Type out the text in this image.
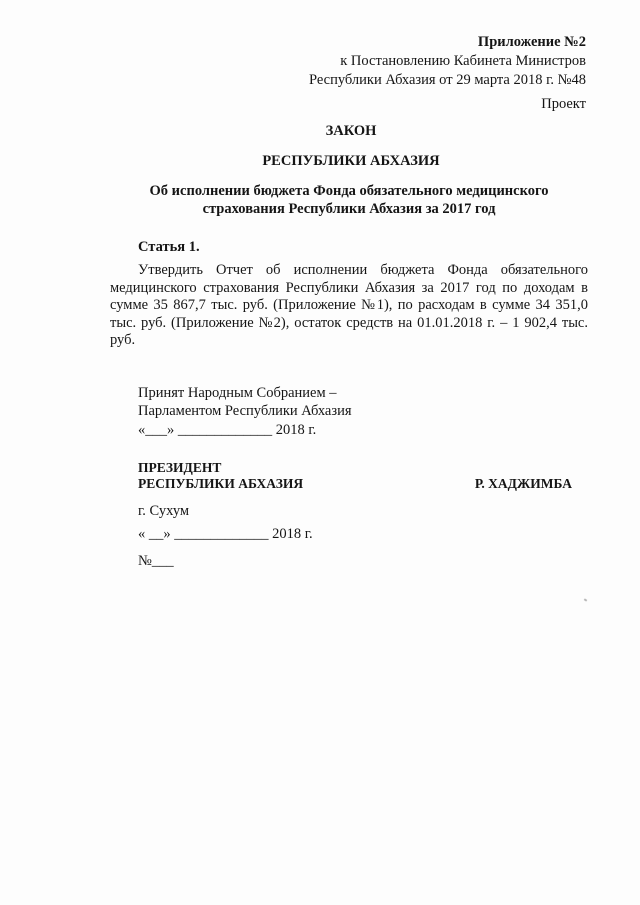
Приложение №2
к Постановлению Кабинета Министров
Республики Абхазия от 29 марта 2018 г. №48
Проект
ЗАКОН
РЕСПУБЛИКИ АБХАЗИЯ
Об исполнении бюджета Фонда обязательного медицинского страхования Республики Абхазия за 2017 год
Статья 1.
Утвердить Отчет об исполнении бюджета Фонда обязательного медицинского страхования Республики Абхазия за 2017 год по доходам в сумме 35 867,7 тыс. руб. (Приложение №1), по расходам в сумме 34 351,0 тыс. руб. (Приложение №2), остаток средств на 01.01.2018 г. – 1 902,4 тыс. руб.
Принят Народным Собранием –
Парламентом Республики Абхазия
«___» _____________ 2018 г.
ПРЕЗИДЕНТ
РЕСПУБЛИКИ АБХАЗИЯ	Р. ХАДЖИМБА
г. Сухум
« __» _____________ 2018 г.
№___
